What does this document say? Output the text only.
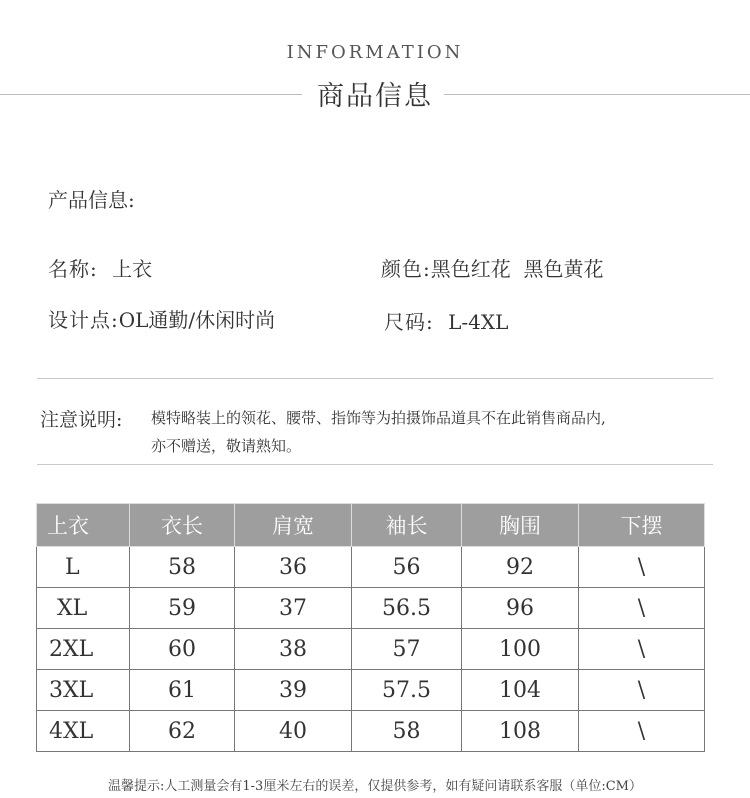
INFORMATION
商品信息
产品信息:
名称: 上衣	颜色:黑色红花  黑色黄花
设计点:OL通勤/休闲时尚	尺码: L-4XL
注意说明: 模特略装上的领花、腰带、指饰等为拍摄饰品道具不在此销售商品内,
亦不赠送，敬请熟知。
上衣	衣长	肩宽	袖长	胸围	下摆
L	58	36	56	92	\
XL	59	37	56.5	96	\
2XL	60	38	57	100	\
3XL	61	39	57.5	104	\
4XL	62	40	58	108	\
温馨提示:人工测量会有1-3厘米左右的误差，仅提供参考，如有疑问请联系客服（单位:CM）
